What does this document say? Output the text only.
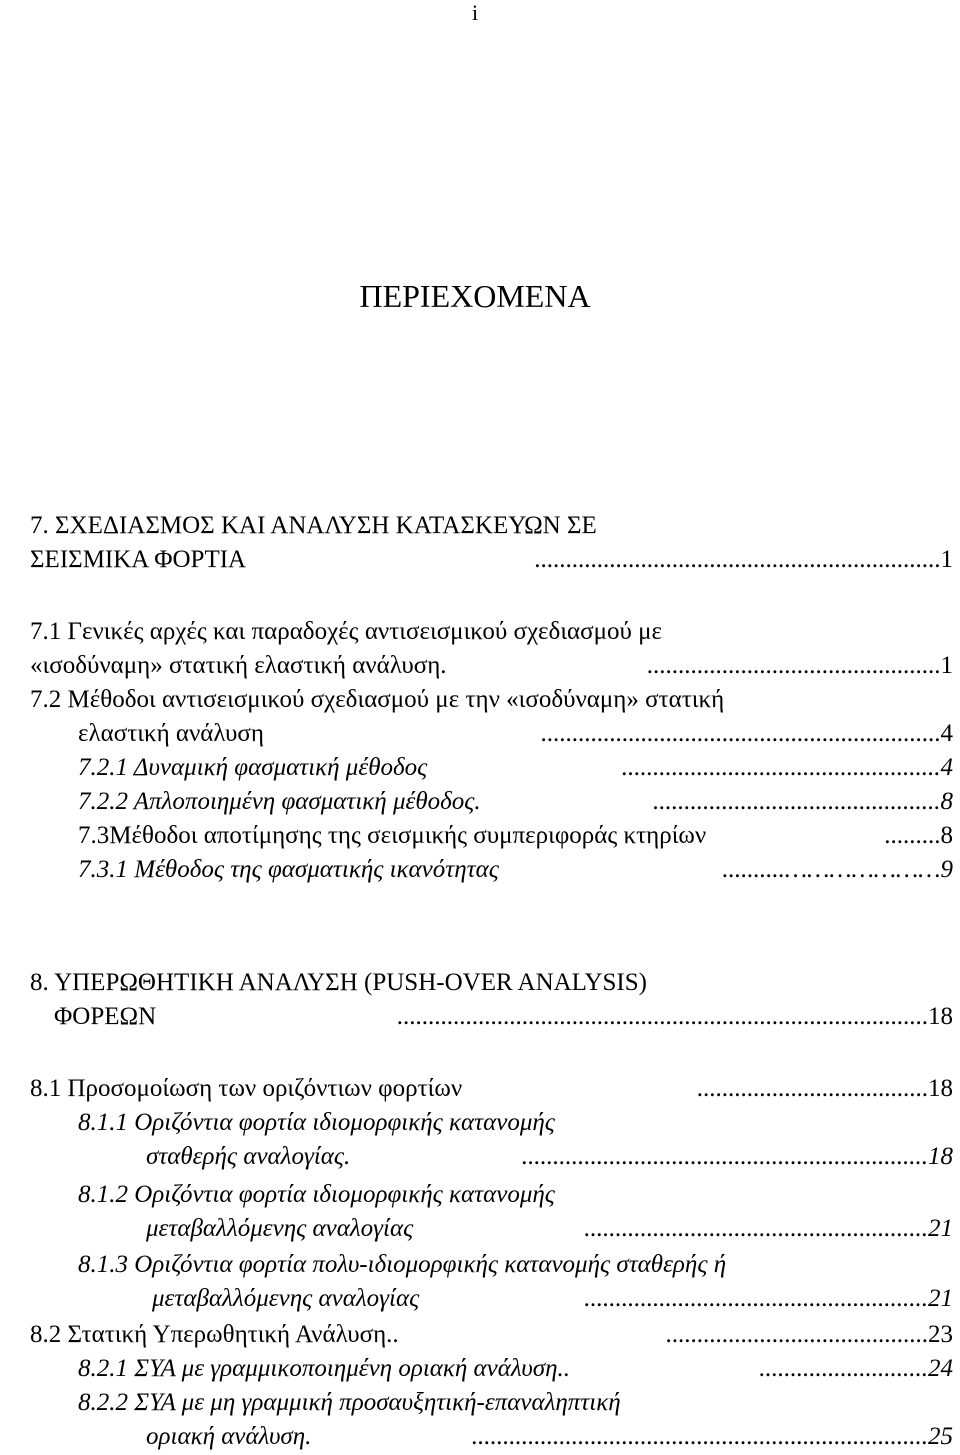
i
ΠΕΡΙΕΧΟΜΕΝΑ
7. ΣΧΕΔΙΑΣΜΟΣ ΚΑΙ ΑΝΑΛΥΣΗ ΚΑΤΑΣΚΕΥΩΝ ΣΕ
ΣΕΙΣΜΙΚΑ ΦΟΡΤΙΑ	................................................................. 1
7.1 Γενικές αρχές και παραδοχές αντισεισμικού σχεδιασμού με
«ισοδύναμη» στατική ελαστική ανάλυση.	............................................... 1
7.2 Μέθοδοι αντισεισμικού σχεδιασμού με την «ισοδύναμη» στατική
ελαστική ανάλυση	................................................................ 4
7.2.1 Δυναμική φασματική μέθοδος	................................................... 4
7.2.2 Απλοποιημένη φασματική μέθοδος.	.............................................. 8
7.3Μέθοδοι αποτίμησης της σεισμικής συμπεριφοράς κτηρίων	......... 8
7.3.1 Μέθοδος της φασματικής ικανότητας	………………….......... 9
8. ΥΠΕΡΩΘΗΤΙΚΗ ΑΝΑΛΥΣΗ (PUSH-OVER ANALYSIS)
ΦΟΡΕΩΝ	..................................................................................... 18
8.1 Προσομοίωση των οριζόντιων φορτίων	..................................... 18
8.1.1 Οριζόντια φορτία ιδιομορφικής κατανομής
σταθερής αναλογίας.	................................................................. 18
8.1.2 Οριζόντια φορτία ιδιομορφικής κατανομής
μεταβαλλόμενης αναλογίας	....................................................... 21
8.1.3 Οριζόντια φορτία πολυ-ιδιομορφικής κατανομής σταθερής ή
μεταβαλλόμενης αναλογίας	....................................................... 21
8.2 Στατική Υπερωθητική Ανάλυση..	.......................................... 23
8.2.1 ΣΥΑ με γραμμικοποιημένη οριακή ανάλυση..	........................... 24
8.2.2 ΣΥΑ με μη γραμμική προσαυξητική-επαναληπτική
οριακή ανάλυση.	......................................................................... 25
